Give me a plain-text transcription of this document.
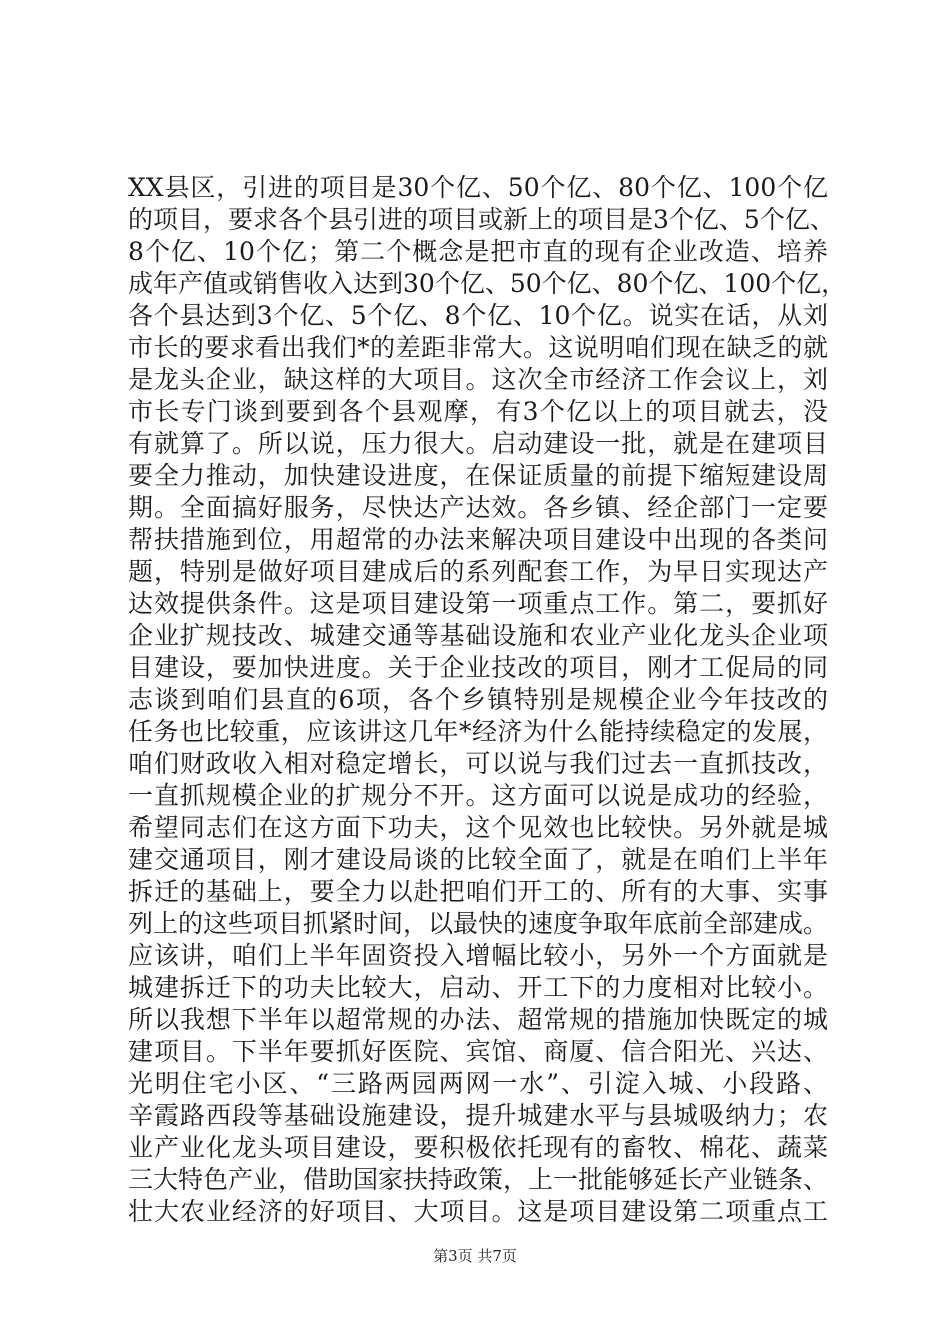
XX县区，引进的项目是30个亿、50个亿、80个亿、100个亿
的项目，要求各个县引进的项目或新上的项目是3个亿、5个亿、
8个亿、10个亿；第二个概念是把市直的现有企业改造、培养
成年产值或销售收入达到30个亿、50个亿、80个亿、100个亿，
各个县达到3个亿、5个亿、8个亿、10个亿。说实在话，从刘
市长的要求看出我们*的差距非常大。这说明咱们现在缺乏的就
是龙头企业，缺这样的大项目。这次全市经济工作会议上，刘
市长专门谈到要到各个县观摩，有3个亿以上的项目就去，没
有就算了。所以说，压力很大。启动建设一批，就是在建项目
要全力推动，加快建设进度，在保证质量的前提下缩短建设周
期。全面搞好服务，尽快达产达效。各乡镇、经企部门一定要
帮扶措施到位，用超常的办法来解决项目建设中出现的各类问
题，特别是做好项目建成后的系列配套工作，为早日实现达产
达效提供条件。这是项目建设第一项重点工作。第二，要抓好
企业扩规技改、城建交通等基础设施和农业产业化龙头企业项
目建设，要加快进度。关于企业技改的项目，刚才工促局的同
志谈到咱们县直的6项，各个乡镇特别是规模企业今年技改的
任务也比较重，应该讲这几年*经济为什么能持续稳定的发展，
咱们财政收入相对稳定增长，可以说与我们过去一直抓技改，
一直抓规模企业的扩规分不开。这方面可以说是成功的经验，
希望同志们在这方面下功夫，这个见效也比较快。另外就是城
建交通项目，刚才建设局谈的比较全面了，就是在咱们上半年
拆迁的基础上，要全力以赴把咱们开工的、所有的大事、实事
列上的这些项目抓紧时间，以最快的速度争取年底前全部建成。
应该讲，咱们上半年固资投入增幅比较小，另外一个方面就是
城建拆迁下的功夫比较大，启动、开工下的力度相对比较小。
所以我想下半年以超常规的办法、超常规的措施加快既定的城
建项目。下半年要抓好医院、宾馆、商厦、信合阳光、兴达、
光明住宅小区、“三路两园两网一水”、引淀入城、小段路、
辛霞路西段等基础设施建设，提升城建水平与县城吸纳力；农
业产业化龙头项目建设，要积极依托现有的畜牧、棉花、蔬菜
三大特色产业，借助国家扶持政策，上一批能够延长产业链条、
壮大农业经济的好项目、大项目。这是项目建设第二项重点工
第3页 共7页
